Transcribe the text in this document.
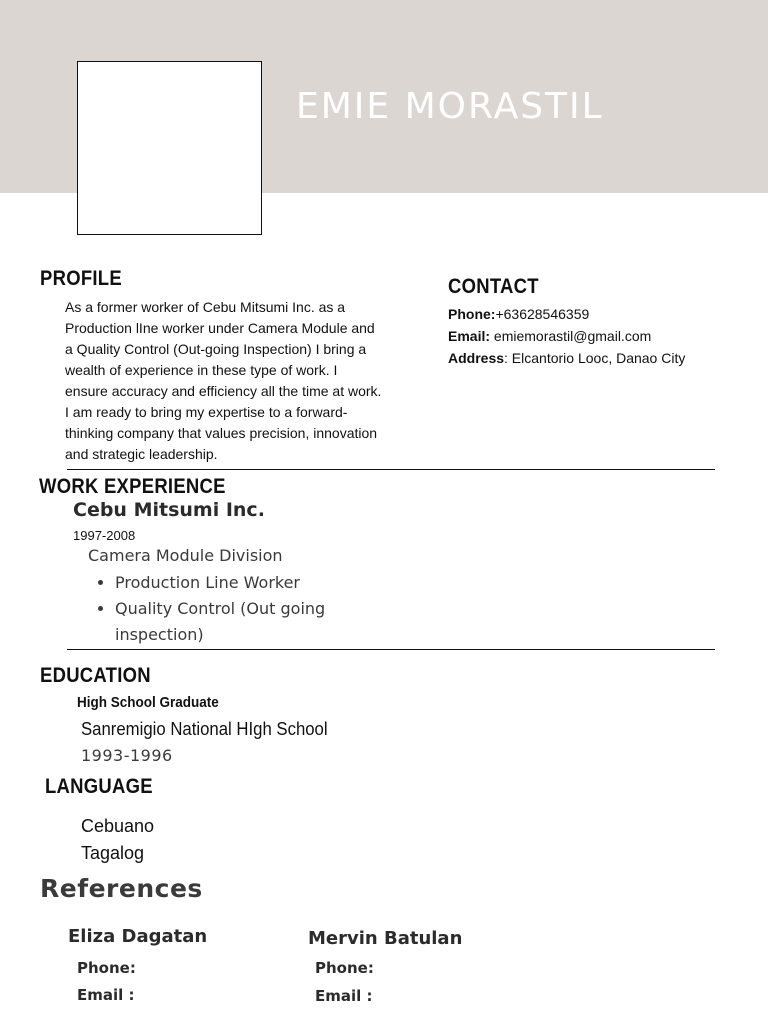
EMIE MORASTIL
PROFILE
As a former worker of Cebu Mitsumi Inc. as a
Production lIne worker under Camera Module and
a Quality Control (Out-going Inspection) I bring a
wealth of experience in these type of work. I
ensure accuracy and efficiency all the time at work.
I am ready to bring my expertise to a forward-
thinking company that values precision, innovation
and strategic leadership.
CONTACT
Phone:+63628546359
Email: emiemorastil@gmail.com
Address: Elcantorio Looc, Danao City
WORK EXPERIENCE
Cebu Mitsumi Inc.
1997-2008
Camera Module Division
• Production Line Worker
• Quality Control (Out going inspection)
EDUCATION
High School Graduate
Sanremigio National HIgh School
1993-1996
LANGUAGE
Cebuano
Tagalog
References
Eliza Dagatan
Phone:
Email :
Mervin Batulan
Phone:
Email :
